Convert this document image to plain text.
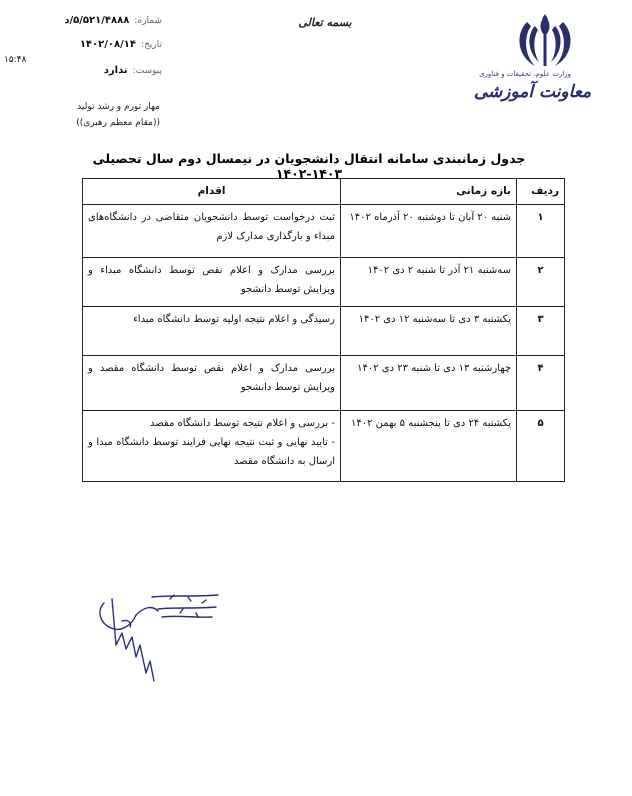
بسمه تعالی
وزارت علوم، تحقیقات و فناوری
معاونت آموزشی
شماره: ۵/۵۲۱/۴۸۸۸/د
تاریخ: ۱۴۰۲/۰۸/۱۴
پیوست: ندارد
۱۵:۴۸
مهار تورم و رشد تولید
((مقام معظم رهبری))
جدول زمانبندی سامانه انتقال دانشجویان در نیمسال دوم سال تحصیلی ۱۴۰۳-۱۴۰۲
ردیف	بازه زمانی	اقدام
۱	شنبه ۲۰ آبان تا دوشنبه ۲۰ آذرماه ۱۴۰۲	ثبت درخواست توسط دانشجویان متقاضی در دانشگاه‌های مبداء و بارگذاری مدارک لازم
۲	سه‌شنبه ۲۱ آذر تا شنبه ۲ دی ۱۴۰۲	بررسی مدارک و اعلام نقص توسط دانشگاه مبداء و ویرایش توسط دانشجو
۳	یکشنبه ۳ دی تا سه‌شنبه ۱۲ دی ۱۴۰۲	رسیدگی و اعلام نتیجه اولیه توسط دانشگاه مبداء
۴	چهارشنبه ۱۳ دی تا شنبه ۲۳ دی ۱۴۰۲	بررسی مدارک و اعلام نقص توسط دانشگاه مقصد و ویرایش توسط دانشجو
۵	یکشنبه ۲۴ دی تا پنجشنبه ۵ بهمن ۱۴۰۲	- بررسی و اعلام نتیجه توسط دانشگاه مقصد
- تایید نهایی و ثبت نتیجه نهایی فرایند توسط دانشگاه مبدا و ارسال به دانشگاه مقصد
